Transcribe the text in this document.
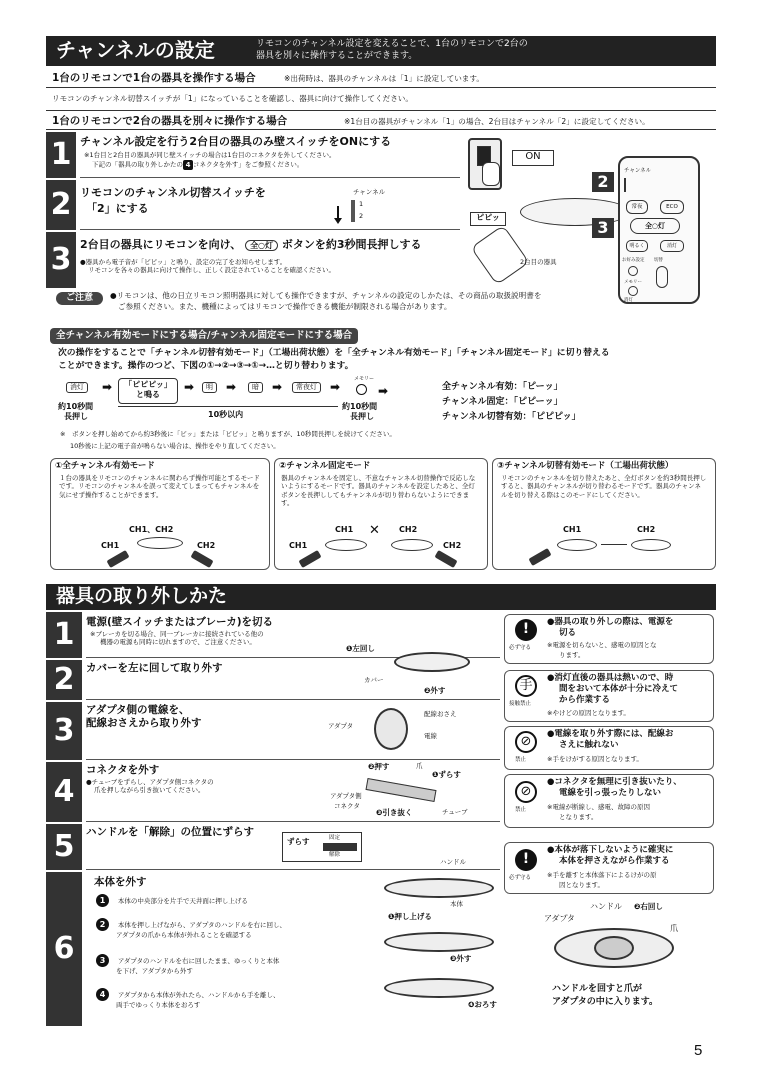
チャンネルの設定	リモコンのチャンネル設定を変えることで、1台のリモコンで2台の
器具を別々に操作することができます。
1台のリモコンで1台の器具を操作する場合	※出荷時は、器具のチャンネルは「1」に設定しています。
リモコンのチャンネル切替スイッチが「1」になっていることを確認し、器具に向けて操作してください。
1台のリモコンで2台の器具を別々に操作する場合	※1台目の器具がチャンネル「1」の場合、2台目はチャンネル「2」に設定してください。
1 チャンネル設定を行う2台目の器具のみ壁スイッチをONにする
※1台目と2台目の器具が同じ壁スイッチの場合は1台目のコネクタを外してください。
下記の「器具の取り外しかたの 4 コネクタを外す」をご参照ください。
2 リモコンのチャンネル切替スイッチを
「2」にする
チャンネル
1
2
3 2台目の器具にリモコンを向け、 全○灯 ボタンを約3秒間長押しする
●器具から電子音が「ピピッ」と鳴り、設定の完了をお知らせします。
リモコンを各々の器具に向けて操作し、正しく設定されていることを確認ください。
ON
ピピッ
2台目の器具
チャンネル
常夜	ECO
全○灯
明るく	消灯
お好み設定 切替
メモリー
消灯
2
3
ご注意	●リモコンは、他の日立リモコン照明器具に対しても操作できますが、チャンネルの設定のしかたは、その商品の取扱説明書を
ご参照ください。また、機種によってはリモコンで操作できる機能が制限される場合があります。
全チャンネル有効モードにする場合/チャンネル固定モードにする場合
次の操作をすることで「チャンネル切替有効モード」（工場出荷状態）を「全チャンネル有効モード」「チャンネル固定モード」に切り替える
ことができます。操作のつど、下図の①→②→③→①→…と切り替わります。
消灯	➡	「ピピピッ」
と鳴る
➡	明	➡	暗	➡	常夜灯	➡
メモリー
約10秒間
長押し	10秒以内
約10秒間
長押し
➡	全チャンネル有効：「ピーッ」
チャンネル固定：「ピピーッ」
チャンネル切替有効：「ピピピッ」
※　ボタンを押し始めてから約3秒後に「ピッ」または「ピピッ」と鳴りますが、10秒間長押しを続けてください。
10秒後に上記の電子音が鳴らない場合は、操作をやり直してください。
①全チャンネル有効モード
１台の器具をリモコンのチャンネルに関わらず操作可能とするモードです。リモコンのチャンネルを誤って変えてしまってもチャンネルを気にせず操作することができます。
CH1、CH2
CH1	CH2
②チャンネル固定モード
器具のチャンネルを固定し、不意なチャンネル切替操作で反応しないようにするモードです。器具のチャンネルを設定したあと、全灯ボタンを長押ししてもチャンネルが切り替わらないようにできます。
CH1 ✕ CH2
CH1	CH2
③チャンネル切替有効モード（工場出荷状態）
リモコンのチャンネルを切り替えたあと、全灯ボタンを約3秒間長押しすると、器具のチャンネルが切り替わるモードです。器具のチャンネルを切り替える際はこのモードにしてください。
CH1	CH2
器具の取り外しかた
1	電源(壁スイッチまたはブレーカ)を切る
※ブレーカを切る場合、同一ブレーカに接続されている他の
機器の電源も同時に切れますので、ご注意ください。
2	カバーを左に回して取り外す
❶左回し
カバー
❷外す
3
アダプタ側の電線を、
配線おさえから取り外す	アダプタ
配線おさえ
電線
4
コネクタを外す
●チューブをずらし、アダプタ側コネクタの
爪を押しながら引き抜いてください。
❷押す	爪
❶ずらす
アダプタ側
コネクタ
❸引き抜く	チューブ
5	ハンドルを「解除」の位置にずらす
ずらす	固定
解除
ハンドル
6
本体を外す
1 本体の中央部分を片手で天井面に押し上げる
2 本体を押し上げながら、アダプタのハンドルを右に回し、
アダプタの爪から本体が外れることを確認する
3 アダプタのハンドルを右に回したまま、ゆっくりと本体
を下げ、アダプタから外す
4 アダプタから本体が外れたら、ハンドルから手を離し、
両手でゆっくり本体をおろす
本体
❶押し上げる
❸外す
❹おろす
!
必ず守る
●器具の取り外しの際は、電源を
切る
※電源を切らないと、感電の原因とな
ります。
手
接触禁止
●消灯直後の器具は熱いので、時
間をおいて本体が十分に冷えて
から作業する
※やけどの原因となります。
⊘
禁止
●電線を取り外す際には、配線お
さえに触れない
※手をけがする原因となります。
⊘
禁止
●コネクタを無理に引き抜いたり、
電線を引っ張ったりしない
※電線が断線し、感電、故障の原因
となります。
!
必ず守る
●本体が落下しないように確実に
本体を押さえながら作業する
※手を離すと本体落下によるけがの原
因となります。
ハンドル ❷右回し
アダプタ
爪
ハンドルを回すと爪が
アダプタの中に入ります。
5
